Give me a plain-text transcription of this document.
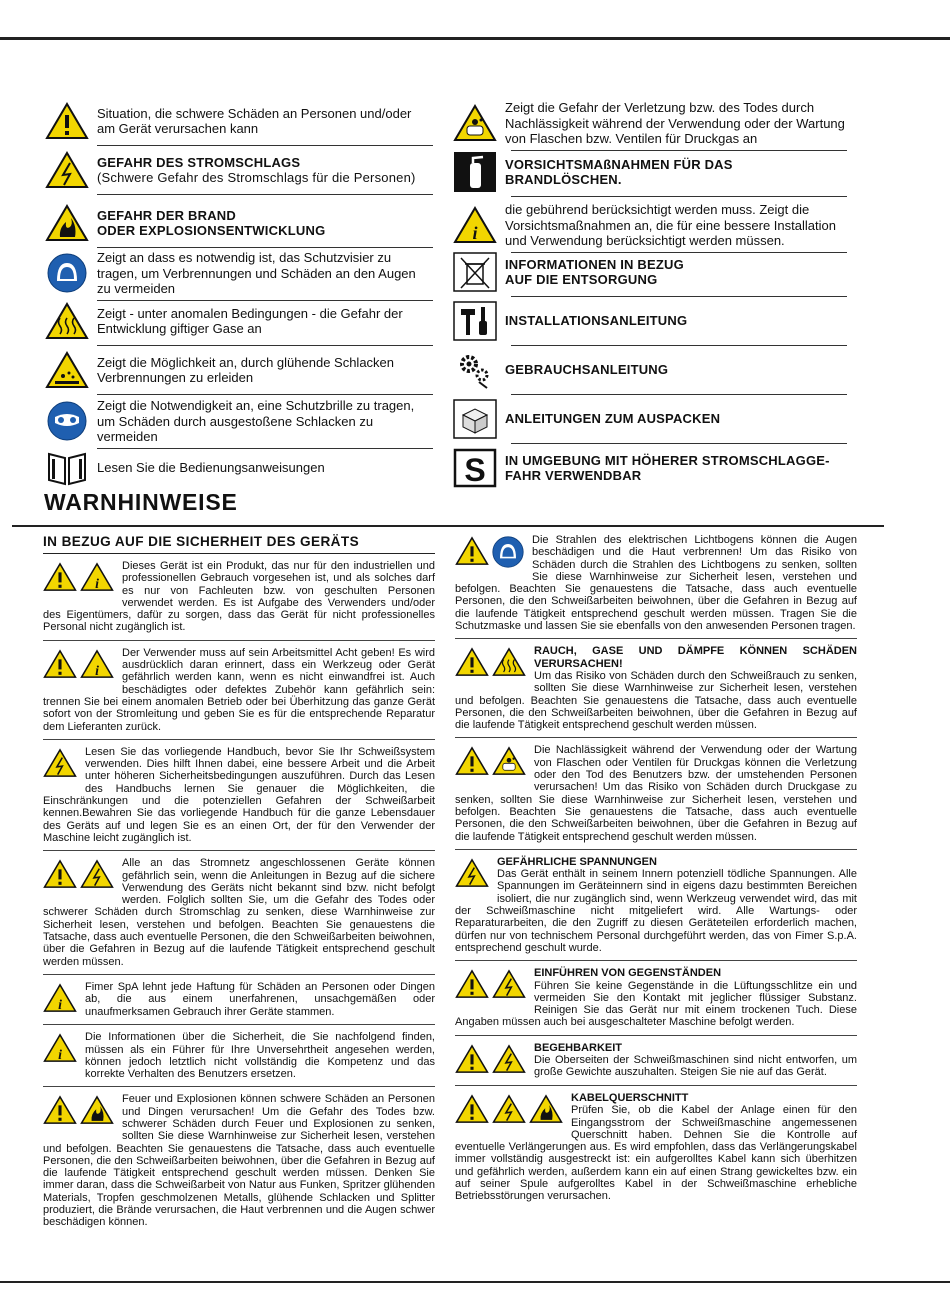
Situation, die schwere Schäden an Personen und/oder am Gerät verursachen kann
GEFAHR DES STROMSCHLAGS
(Schwere Gefahr des Stromschlags für die Personen)
GEFAHR DER BRAND
ODER EXPLOSIONSENTWICKLUNG
Zeigt an dass es notwendig ist, das Schutzvisier zu tragen, um Verbrennungen und Schäden an den Augen zu vermeiden
Zeigt - unter anomalen Bedingungen - die Gefahr der Entwicklung giftiger Gase an
Zeigt die Möglichkeit an, durch glühende Schlacken Verbrennungen zu erleiden
Zeigt die Notwendigkeit an, eine Schutzbrille zu tragen, um Schäden durch ausgestoßene Schlacken zu vermeiden
Lesen Sie die Bedienungsanweisungen
Zeigt die Gefahr der Verletzung bzw. des Todes durch Nachlässigkeit während der Verwendung oder der Wartung von Flaschen bzw. Ventilen für Druckgas an
VORSICHTSMAßNAHMEN FÜR DAS
BRANDLÖSCHEN.
i
die gebührend berücksichtigt werden muss. Zeigt die Vorsichtsmaßnahmen an, die für eine bessere Installation und Verwendung berücksichtigt werden müssen.
INFORMATIONEN IN BEZUG
AUF DIE ENTSORGUNG
INSTALLATIONSANLEITUNG
GEBRAUCHSANLEITUNG
ANLEITUNGEN ZUM AUSPACKEN
S IN UMGEBUNG MIT HÖHERER STROMSCHLAGGE-
FAHR VERWENDBAR
WARNHINWEISE
IN BEZUG AUF DIE SICHERHEIT DES GERÄTS
i
Dieses Gerät ist ein Produkt, das nur für den industriellen und professionellen Gebrauch vorgesehen ist, und als solches darf es nur von Fachleuten bzw. von geschulten Personen verwendet werden. Es ist Aufgabe des Verwenders und/oder des Eigentümers, dafür zu sorgen, dass das Gerät für nicht professionelles Personal nicht zugänglich ist.
i
Der Verwender muss auf sein Arbeitsmittel Acht geben! Es wird ausdrücklich daran erinnert, dass ein Werkzeug oder Gerät gefährlich werden kann, wenn es nicht einwandfrei ist. Auch beschädigtes oder defektes Zubehör kann gefährlich sein: trennen Sie bei einem anomalen Betrieb oder bei Überhitzung das ganze Gerät sofort von der Stromleitung und geben Sie es für die entsprechende Reparatur dem Lieferanten zurück.
Lesen Sie das vorliegende Handbuch, bevor Sie Ihr Schweißsystem verwenden. Dies hilft Ihnen dabei, eine bessere Arbeit und die Arbeit unter höheren Sicherheitsbedingungen auszuführen. Durch das Lesen des Handbuchs lernen Sie genauer die Möglichkeiten, die Einschränkungen und die potenziellen Gefahren der Schweißarbeit kennen.Bewahren Sie das vorliegende Handbuch für die ganze Lebensdauer des Geräts auf und legen Sie es an einen Ort, der für den Verwender der Maschine leicht zugänglich ist.
Alle an das Stromnetz angeschlossenen Geräte können gefährlich sein, wenn die Anleitungen in Bezug auf die sichere Verwendung des Geräts nicht bekannt sind bzw. nicht befolgt werden. Folglich sollten Sie, um die Gefahr des Todes oder schwerer Schäden durch Stromschlag zu senken, diese Warnhinweise zur Sicherheit lesen, verstehen und befolgen. Beachten Sie genauestens die Tatsache, dass auch eventuelle Personen, die den Schweißarbeiten beiwohnen, über die Gefahren in Bezug auf die laufende Tätigkeit entsprechend geschult werden müssen.
i
Fimer SpA lehnt jede Haftung für Schäden an Personen oder Dingen ab, die aus einem unerfahrenen, unsachgemäßen oder unaufmerksamen Gebrauch ihrer Geräte stammen.
i
Die Informationen über die Sicherheit, die Sie nachfolgend finden, müssen als ein Führer für Ihre Unversehrtheit angesehen werden, können jedoch letztlich nicht vollständig die Kompetenz und das korrekte Verhalten des Benutzers ersetzen.
Feuer und Explosionen können schwere Schäden an Personen und Dingen verursachen! Um die Gefahr des Todes bzw. schwerer Schäden durch Feuer und Explosionen zu senken, sollten Sie diese Warnhinweise zur Sicherheit lesen, verstehen und befolgen. Beachten Sie genauestens die Tatsache, dass auch eventuelle Personen, die den Schweißarbeiten beiwohnen, über die Gefahren in Bezug auf die laufende Tätigkeit entsprechend geschult werden müssen. Denken Sie immer daran, dass die Schweißarbeit von Natur aus Funken, Spritzer glühenden Materials, Tropfen geschmolzenen Metalls, glühende Schlacken und Splitter produziert, die Brände verursachen, die Haut verbrennen und die Augen schwer beschädigen können.
Die Strahlen des elektrischen Lichtbogens können die Augen beschädigen und die Haut verbrennen! Um das Risiko von Schäden durch die Strahlen des Lichtbogens zu senken, sollten Sie diese Warnhinweise zur Sicherheit lesen, verstehen und befolgen. Beachten Sie genauestens die Tatsache, dass auch eventuelle Personen, die den Schweißarbeiten beiwohnen, über die Gefahren in Bezug auf die laufende Tätigkeit entsprechend geschult werden müssen. Tragen Sie die Schutzmaske und lassen Sie sie ebenfalls von den anwesenden Personen tragen.
RAUCH, GASE UND DÄMPFE KÖNNEN SCHÄDEN VERURSACHEN!
Um das Risiko von Schäden durch den Schweißrauch zu senken, sollten Sie diese Warnhinweise zur Sicherheit lesen, verstehen und befolgen. Beachten Sie genauestens die Tatsache, dass auch eventuelle Personen, die den Schweißarbeiten beiwohnen, über die Gefahren in Bezug auf die laufende Tätigkeit entsprechend geschult werden müssen.
Die Nachlässigkeit während der Verwendung oder der Wartung von Flaschen oder Ventilen für Druckgas können die Verletzung oder den Tod des Benutzers bzw. der umstehenden Personen verursachen! Um das Risiko von Schäden durch Druckgase zu senken, sollten Sie diese Warnhinweise zur Sicherheit lesen, verstehen und befolgen. Beachten Sie genauestens die Tatsache, dass auch eventuelle Personen, die den Schweißarbeiten beiwohnen, über die Gefahren in Bezug auf die laufende Tätigkeit entsprechend geschult werden müssen.
GEFÄHRLICHE SPANNUNGEN
Das Gerät enthält in seinem Innern potenziell tödliche Spannungen. Alle Spannungen im Geräteinnern sind in eigens dazu bestimmten Bereichen isoliert, die nur zugänglich sind, wenn Werkzeug verwendet wird, das mit der Schweißmaschine nicht mitgeliefert wird. Alle Wartungs- oder Reparaturarbeiten, die den Zugriff zu diesen Geräteteilen erforderlich machen, dürfen nur von technischem Personal durchgeführt werden, das von Fimer S.p.A. entsprechend geschult wurde.
EINFÜHREN VON GEGENSTÄNDEN
Führen Sie keine Gegenstände in die Lüftungsschlitze ein und vermeiden Sie den Kontakt mit jeglicher flüssiger Substanz. Reinigen Sie das Gerät nur mit einem trockenen Tuch. Diese Angaben müssen auch bei ausgeschalteter Maschine befolgt werden.
BEGEHBARKEIT
Die Oberseiten der Schweißmaschinen sind nicht entworfen, um große Gewichte auszuhalten. Steigen Sie nie auf das Gerät.
KABELQUERSCHNITT
Prüfen Sie, ob die Kabel der Anlage einen für den Eingangsstrom der Schweißmaschine angemessenen Querschnitt haben. Dehnen Sie die Kontrolle auf eventuelle Verlängerungen aus. Es wird empfohlen, dass das Verlängerungskabel immer vollständig ausgestreckt ist: ein aufgerolltes Kabel kann sich überhitzen und gefährlich werden, außerdem kann ein auf einen Strang gewickeltes bzw. ein auf seiner Spule aufgerolltes Kabel in der Schweißmaschine erhebliche Betriebsstörungen verursachen.
